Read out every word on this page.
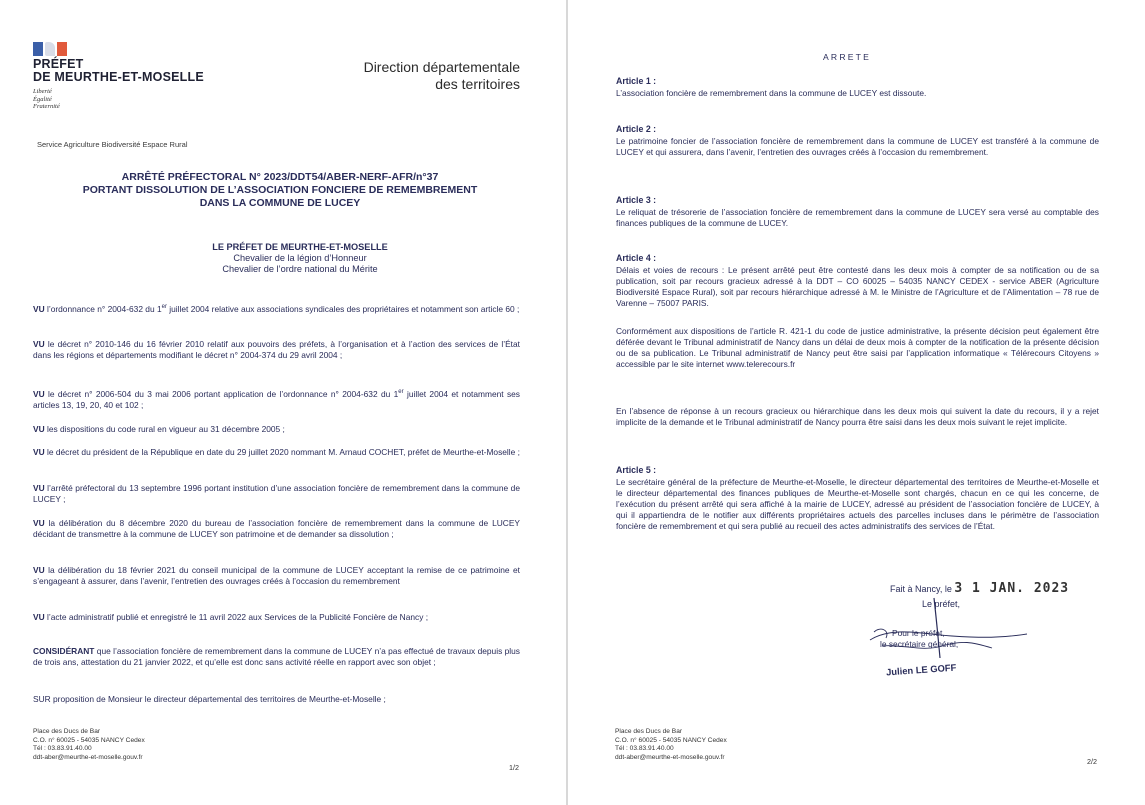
PRÉFET
DE MEURTHE-ET-MOSELLE
Liberté
Égalité
Fraternité
Direction départementale
des territoires
Service Agriculture Biodiversité Espace Rural
ARRÊTÉ PRÉFECTORAL N° 2023/DDT54/ABER-NERF-AFR/n°37
PORTANT DISSOLUTION DE L’ASSOCIATION FONCIERE DE REMEMBREMENT
DANS LA COMMUNE DE LUCEY
LE PRÉFET DE MEURTHE-ET-MOSELLE
Chevalier de la légion d’Honneur
Chevalier de l’ordre national du Mérite
VU l’ordonnance n° 2004-632 du 1er juillet 2004 relative aux associations syndicales des propriétaires et notamment son article 60 ;
VU le décret n° 2010-146 du 16 février 2010 relatif aux pouvoirs des préfets, à l’organisation et à l’action des services de l’État dans les régions et départements modifiant le décret n° 2004-374 du 29 avril 2004 ;
VU le décret n° 2006-504 du 3 mai 2006 portant application de l’ordonnance n° 2004-632 du 1er juillet 2004 et notamment ses articles 13, 19, 20, 40 et 102 ;
VU les dispositions du code rural en vigueur au 31 décembre 2005 ;
VU le décret du président de la République en date du 29 juillet 2020 nommant M. Arnaud COCHET, préfet de Meurthe-et-Moselle ;
VU l’arrêté préfectoral du 13 septembre 1996 portant institution d’une association foncière de remembrement dans la commune de LUCEY ;
VU la délibération du 8 décembre 2020 du bureau de l’association foncière de remembrement dans la commune de LUCEY décidant de transmettre à la commune de LUCEY son patrimoine et de demander sa dissolution ;
VU la délibération du 18 février 2021 du conseil municipal de la commune de LUCEY acceptant la remise de ce patrimoine et s’engageant à assurer, dans l’avenir, l’entretien des ouvrages créés à l’occasion du remembrement
VU l’acte administratif publié et enregistré le 11 avril 2022 aux Services de la Publicité Foncière de Nancy ;
CONSIDÉRANT que l’association foncière de remembrement dans la commune de LUCEY n’a pas effectué de travaux depuis plus de trois ans, attestation du 21 janvier 2022, et qu’elle est donc sans activité réelle en rapport avec son objet ;
SUR proposition de Monsieur le directeur départemental des territoires de Meurthe-et-Moselle ;
Place des Ducs de Bar
C.O. n° 60025 - 54035 NANCY Cedex
Tél : 03.83.91.40.00
ddt-aber@meurthe-et-moselle.gouv.fr
1/2
ARRETE
Article 1 :
L’association foncière de remembrement dans la commune de LUCEY est dissoute.
Article 2 :
Le patrimoine foncier de l’association foncière de remembrement dans la commune de LUCEY est transféré à la commune de LUCEY et qui assurera, dans l’avenir, l’entretien des ouvrages créés à l’occasion du remembrement.
Article 3 :
Le reliquat de trésorerie de l’association foncière de remembrement dans la commune de LUCEY sera versé au comptable des finances publiques de la commune de LUCEY.
Article 4 :
Délais et voies de recours : Le présent arrêté peut être contesté dans les deux mois à compter de sa notification ou de sa publication, soit par recours gracieux adressé à la DDT – CO 60025 – 54035 NANCY CEDEX - service ABER (Agriculture Biodiversité Espace Rural), soit par recours hiérarchique adressé à M. le Ministre de l’Agriculture et de l’Alimentation – 78 rue de Varenne – 75007 PARIS.
Conformément aux dispositions de l’article R. 421-1 du code de justice administrative, la présente décision peut également être déférée devant le Tribunal administratif de Nancy dans un délai de deux mois à compter de la notification de la présente décision ou de sa publication. Le Tribunal administratif de Nancy peut être saisi par l’application informatique « Télérecours Citoyens » accessible par le site internet www.telerecours.fr
En l’absence de réponse à un recours gracieux ou hiérarchique dans les deux mois qui suivent la date du recours, il y a rejet implicite de la demande et le Tribunal administratif de Nancy pourra être saisi dans les deux mois suivant le rejet implicite.
Article 5 :
Le secrétaire général de la préfecture de Meurthe-et-Moselle, le directeur départemental des territoires de Meurthe-et-Moselle et le directeur départemental des finances publiques de Meurthe-et-Moselle sont chargés, chacun en ce qui les concerne, de l’exécution du présent arrêté qui sera affiché à la mairie de LUCEY, adressé au président de l’association foncière de LUCEY, à qui il appartiendra de le notifier aux différents propriétaires actuels des parcelles incluses dans le périmètre de l’association foncière de remembrement et qui sera publié au recueil des actes administratifs des services de l’État.
Fait à Nancy, le 3 1 JAN. 2023
Le préfet,
Pour le préfet,
le secrétaire général,
Julien LE GOFF
Place des Ducs de Bar
C.O. n° 60025 - 54035 NANCY Cedex
Tél : 03.83.91.40.00
ddt-aber@meurthe-et-moselle.gouv.fr	2/2
